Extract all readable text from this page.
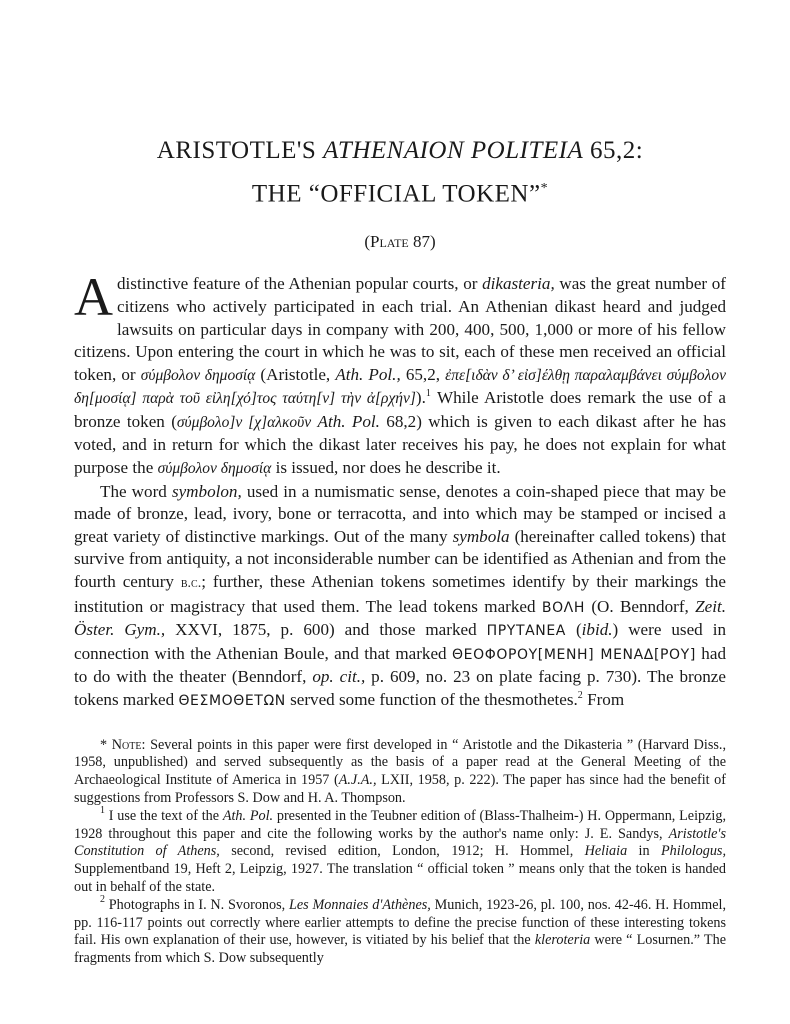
ARISTOTLE'S ATHENAION POLITEIA 65,2:
THE “OFFICIAL TOKEN”*
(Plate 87)

A distinctive feature of the Athenian popular courts, or dikasteria, was the great number of citizens who actively participated in each trial. An Athenian dikast heard and judged lawsuits on particular days in company with 200, 400, 500, 1,000 or more of his fellow citizens. Upon entering the court in which he was to sit, each of these men received an official token, or σύμβολον δημοσίᾳ (Aristotle, Ath. Pol., 65,2, ἐπε[ιδὰν δ’ εἰσ]έλθῃ παραλαμβάνει σύμβολον δη[μοσίᾳ] παρὰ τοῦ εἰλη[χό]τος ταύτη[ν] τὴν ἀ[ρχήν]).$^1$ While Aristotle does remark the use of a bronze token (σύμβολο]ν [χ]αλκοῦν Ath. Pol. 68,2) which is given to each dikast after he has voted, and in return for which the dikast later receives his pay, he does not explain for what purpose the σύμβολον δημοσίᾳ is issued, nor does he describe it.

The word symbolon, used in a numismatic sense, denotes a coin-shaped piece that may be made of bronze, lead, ivory, bone or terracotta, and into which may be stamped or incised a great variety of distinctive markings. Out of the many symbola (hereinafter called tokens) that survive from antiquity, a not inconsiderable number can be identified as Athenian and from the fourth century b.c.; further, these Athenian tokens sometimes identify by their markings the institution or magistracy that used them. The lead tokens marked ΒΟΛΗ (O. Benndorf, Zeit. Öster. Gym., XXVI, 1875, p. 600) and those marked ΠΡΥΤΑΝΕΑ (ibid.) were used in connection with the Athenian Boule, and that marked ΘΕΟΦΟΡΟΥ[ΜΕΝΗ] ΜΕΝΑΔ[ΡΟΥ] had to do with the theater (Benndorf, op. cit., p. 609, no. 23 on plate facing p. 730). The bronze tokens marked ΘΕΣΜΟΘΕΤΩΝ served some function of the thesmothetes.$^2$ From

* Note: Several points in this paper were first developed in “ Aristotle and the Dikasteria ” (Harvard Diss., 1958, unpublished) and served subsequently as the basis of a paper read at the General Meeting of the Archaeological Institute of America in 1957 (A.J.A., LXII, 1958, p. 222). The paper has since had the benefit of suggestions from Professors S. Dow and H. A. Thompson.

$^1$ I use the text of the Ath. Pol. presented in the Teubner edition of (Blass-Thalheim-) H. Oppermann, Leipzig, 1928 throughout this paper and cite the following works by the author's name only: J. E. Sandys, Aristotle's Constitution of Athens, second, revised edition, London, 1912; H. Hommel, Heliaia in Philologus, Supplementband 19, Heft 2, Leipzig, 1927. The translation “ official token ” means only that the token is handed out in behalf of the state.

$^2$ Photographs in I. N. Svoronos, Les Monnaies d'Athènes, Munich, 1923-26, pl. 100, nos. 42-46. H. Hommel, pp. 116-117 points out correctly where earlier attempts to define the precise function of these interesting tokens fail. His own explanation of their use, however, is vitiated by his belief that the kleroteria were “ Losurnen.” The fragments from which S. Dow subsequently
